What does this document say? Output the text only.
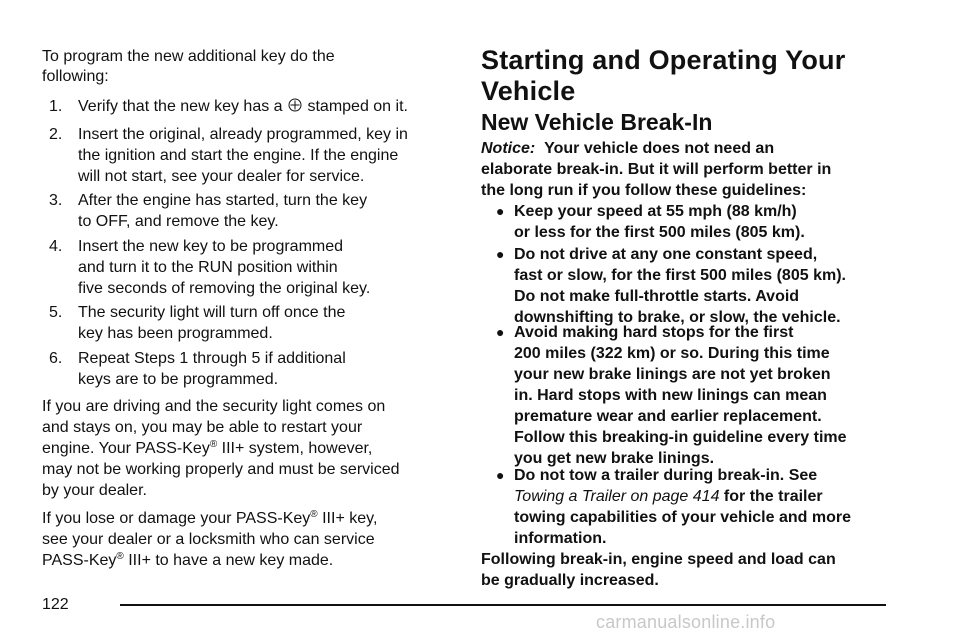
To program the new additional key do the

following:

1. Verify that the new key has a stamped on it.

2. Insert the original, already programmed, key in

the ignition and start the engine. If the engine

will not start, see your dealer for service.

3. After the engine has started, turn the key

to OFF, and remove the key.

4. Insert the new key to be programmed

and turn it to the RUN position within

five seconds of removing the original key.

5. The security light will turn off once the

key has been programmed.

6. Repeat Steps 1 through 5 if additional

keys are to be programmed.

If you are driving and the security light comes on

and stays on, you may be able to restart your

engine. Your PASS-Key® III+ system, however,

may not be working properly and must be serviced

by your dealer.

If you lose or damage your PASS-Key® III+ key,

see your dealer or a locksmith who can service

PASS-Key® III+ to have a new key made.

Starting and Operating Your

Vehicle

New Vehicle Break-In

Notice: Your vehicle does not need an

elaborate break-in. But it will perform better in

the long run if you follow these guidelines:

● Keep your speed at 55 mph (88 km/h)

or less for the first 500 miles (805 km).

● Do not drive at any one constant speed,

fast or slow, for the first 500 miles (805 km).

Do not make full-throttle starts. Avoid

downshifting to brake, or slow, the vehicle.

● Avoid making hard stops for the first

200 miles (322 km) or so. During this time

your new brake linings are not yet broken

in. Hard stops with new linings can mean

premature wear and earlier replacement.

Follow this breaking-in guideline every time

you get new brake linings.

● Do not tow a trailer during break-in. See

Towing a Trailer on page 414 for the trailer

towing capabilities of your vehicle and more

information.

Following break-in, engine speed and load can

be gradually increased.

122
carmanualsonline.info
